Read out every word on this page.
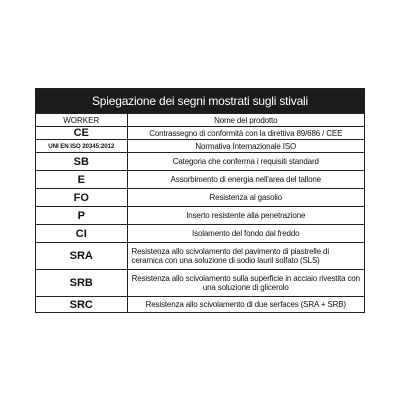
Spiegazione dei segni mostrati sugli stivali
WORKER	Nome del prodotto
CE	Contrassegno di conformità con la direttiva 89/686 / CEE
UNI EN ISO 20345:2012	Normativa Internazionale ISO
SB	Categoria che conferma i requisiti standard
E	Assorbimento di energia nell'area del tallone
FO	Resistenza al gasolio
P	Inserto resistente alla penetrazione
CI	Isolamento del fondo dal freddo
SRA	Resistenza allo scivolamento del pavimento di piastrelle di ceramica con una soluzione di sodio lauril solfato (SLS)
SRB	Resistenza allo scivolamento sulla superficie in acciaio rivestita con una soluzione di glicerolo
SRC	Resistenza allo scivolamento di due serfaces (SRA + SRB)
